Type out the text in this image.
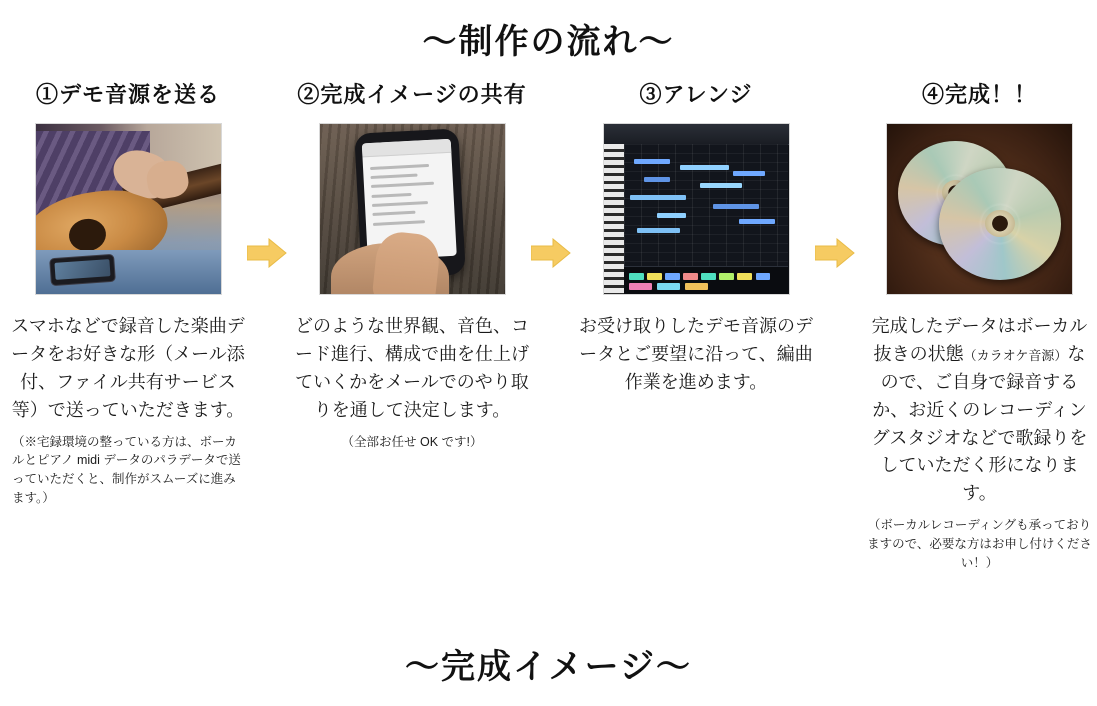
～制作の流れ～
①デモ音源を送る
スマホなどで録音した楽曲データをお好きな形（メール添付、ファイル共有サービス等）で送っていただきます。
（※宅録環境の整っている方は、ボーカルとピアノ midi データのパラデータで送っていただくと、制作がスムーズに進みます。）
②完成イメージの共有
どのような世界観、音色、コード進行、構成で曲を仕上げていくかをメールでのやり取りを通して決定します。
（全部お任せ OK です!）
③アレンジ
お受け取りしたデモ音源のデータとご要望に沿って、編曲作業を進めます。
④完成！！
完成したデータはボーカル抜きの状態（カラオケ音源）なので、ご自身で録音するか、お近くのレコーディングスタジオなどで歌録りをしていただく形になります。
（ボーカルレコーディングも承っておりますので、必要な方はお申し付けください！）
～完成イメージ～
